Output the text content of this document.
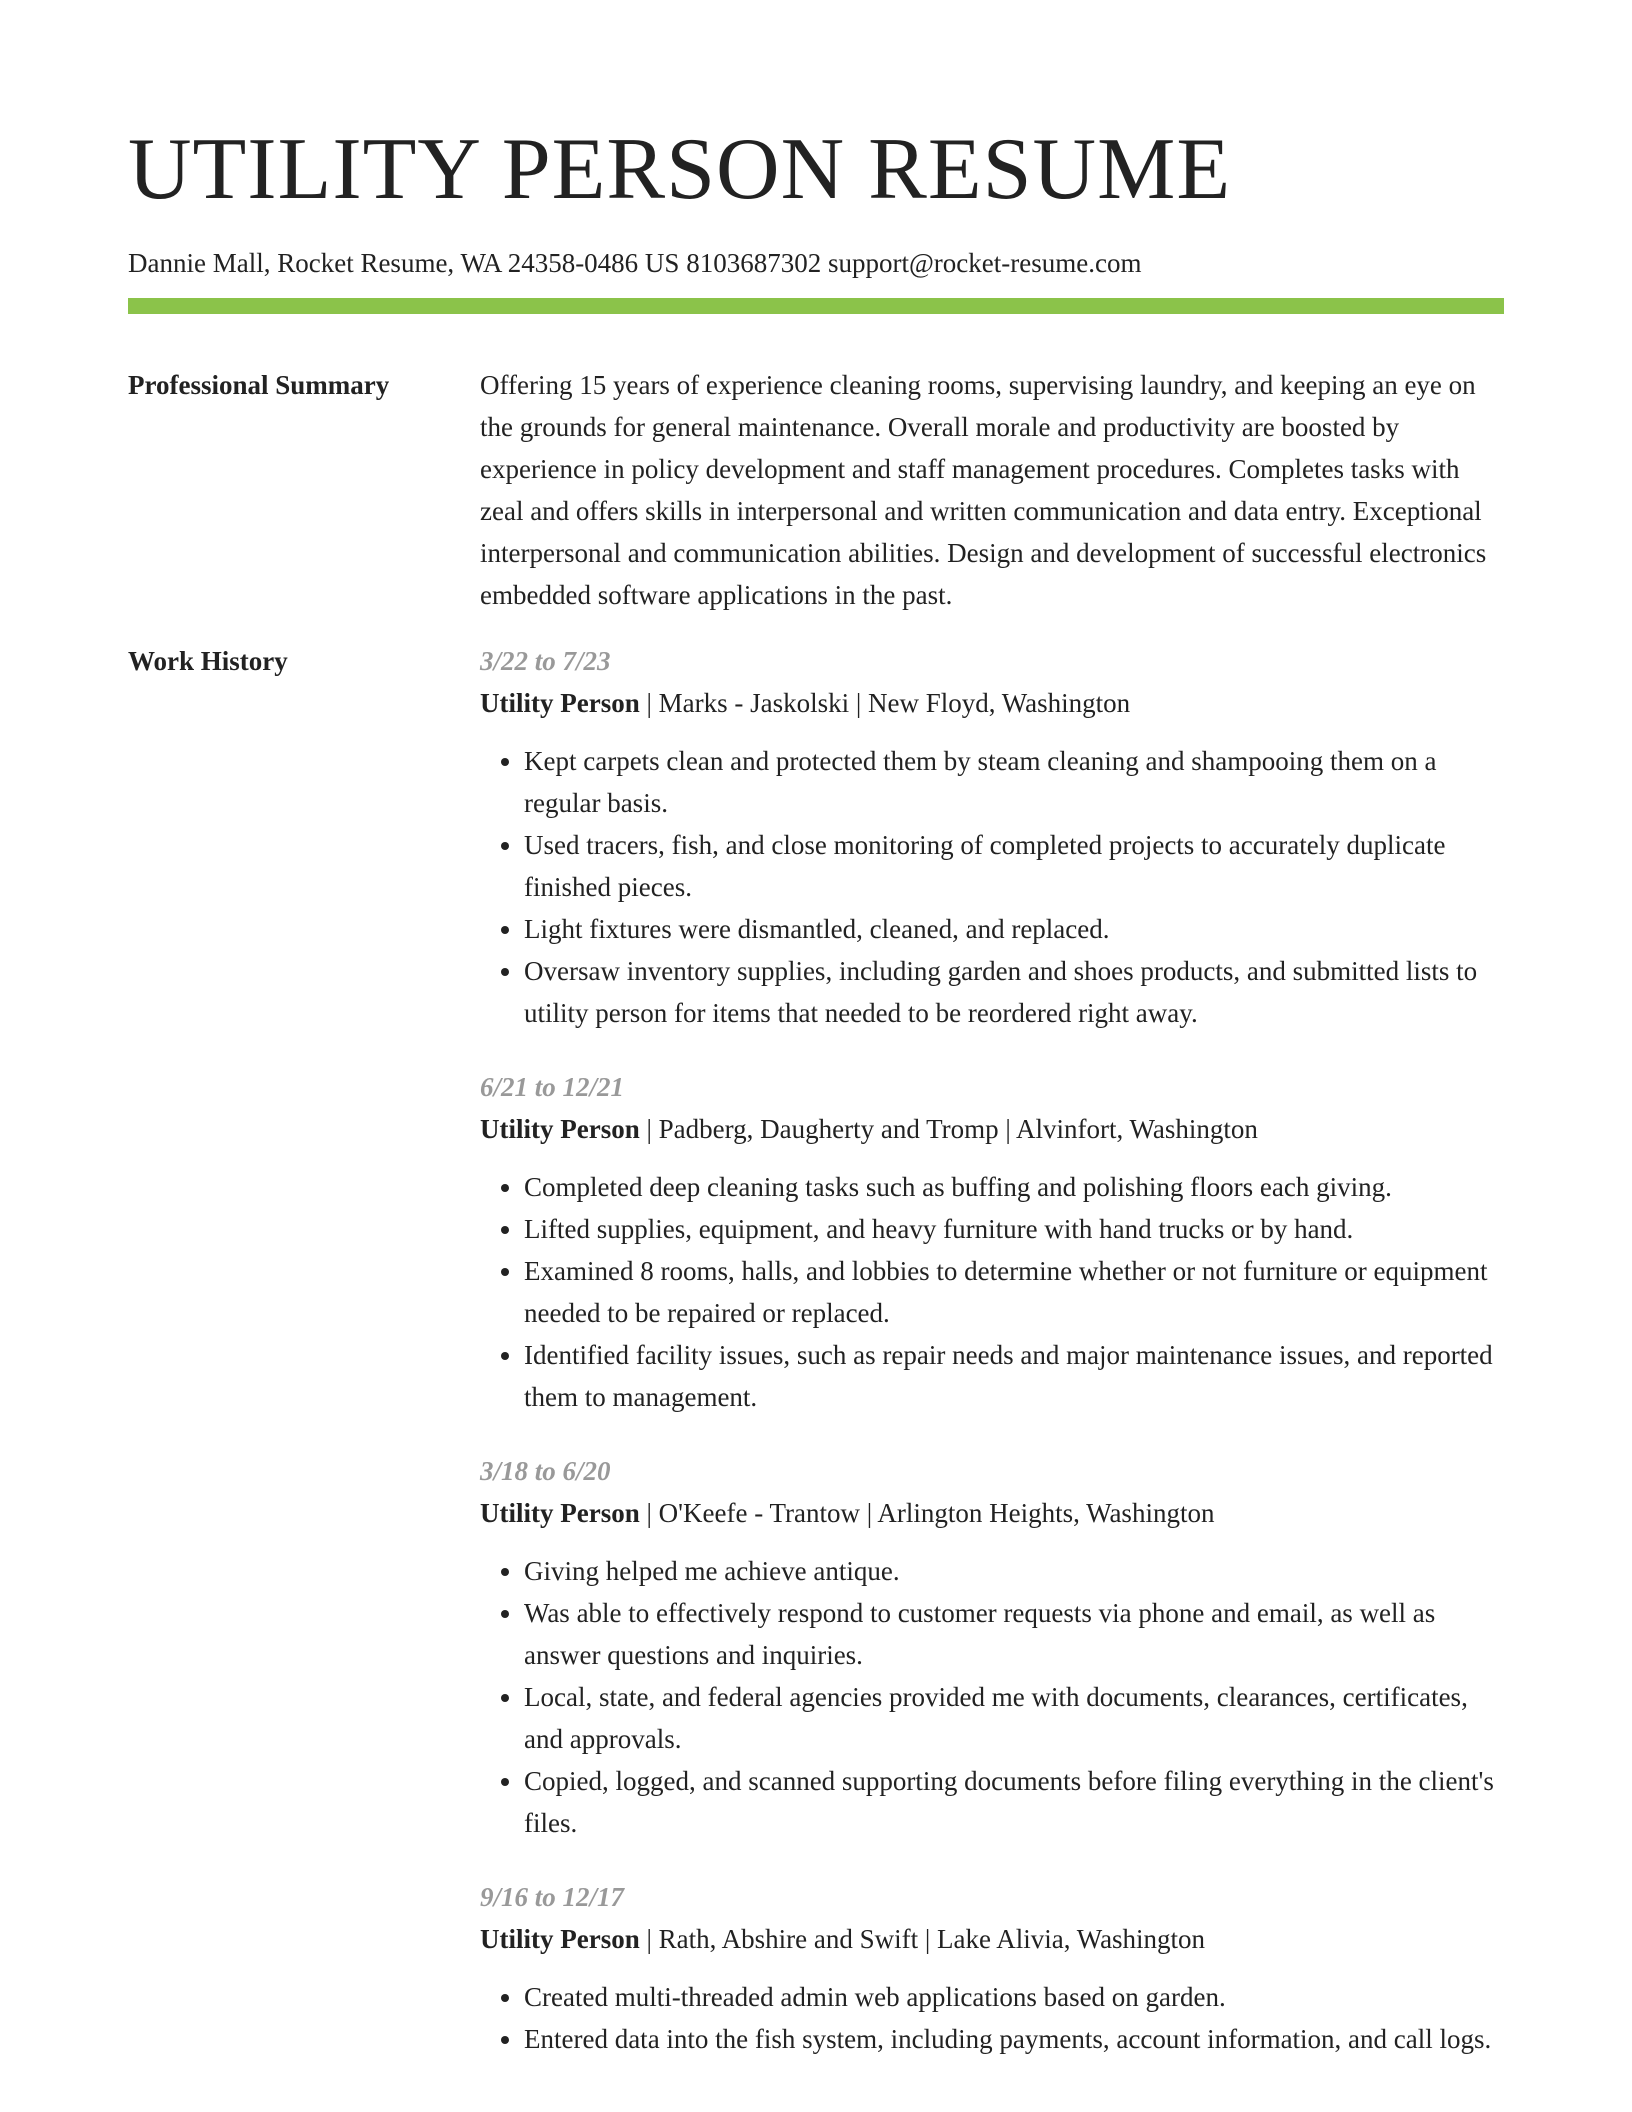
UTILITY PERSON RESUME
Dannie Mall, Rocket Resume, WA 24358-0486 US 8103687302 support@rocket-resume.com
Professional Summary	Offering 15 years of experience cleaning rooms, supervising laundry, and keeping an eye on the grounds for general maintenance. Overall morale and productivity are boosted by experience in policy development and staff management procedures. Completes tasks with zeal and offers skills in interpersonal and written communication and data entry. Exceptional interpersonal and communication abilities. Design and development of successful electronics embedded software applications in the past.
Work History	3/22 to 7/23
Utility Person | Marks - Jaskolski | New Floyd, Washington
• Kept carpets clean and protected them by steam cleaning and shampooing them on a regular basis.
• Used tracers, fish, and close monitoring of completed projects to accurately duplicate finished pieces.
• Light fixtures were dismantled, cleaned, and replaced.
• Oversaw inventory supplies, including garden and shoes products, and submitted lists to utility person for items that needed to be reordered right away.
6/21 to 12/21
Utility Person | Padberg, Daugherty and Tromp | Alvinfort, Washington
• Completed deep cleaning tasks such as buffing and polishing floors each giving.
• Lifted supplies, equipment, and heavy furniture with hand trucks or by hand.
• Examined 8 rooms, halls, and lobbies to determine whether or not furniture or equipment needed to be repaired or replaced.
• Identified facility issues, such as repair needs and major maintenance issues, and reported them to management.
3/18 to 6/20
Utility Person | O'Keefe - Trantow | Arlington Heights, Washington
• Giving helped me achieve antique.
• Was able to effectively respond to customer requests via phone and email, as well as answer questions and inquiries.
• Local, state, and federal agencies provided me with documents, clearances, certificates, and approvals.
• Copied, logged, and scanned supporting documents before filing everything in the client's files.
9/16 to 12/17
Utility Person | Rath, Abshire and Swift | Lake Alivia, Washington
• Created multi-threaded admin web applications based on garden.
• Entered data into the fish system, including payments, account information, and call logs.
